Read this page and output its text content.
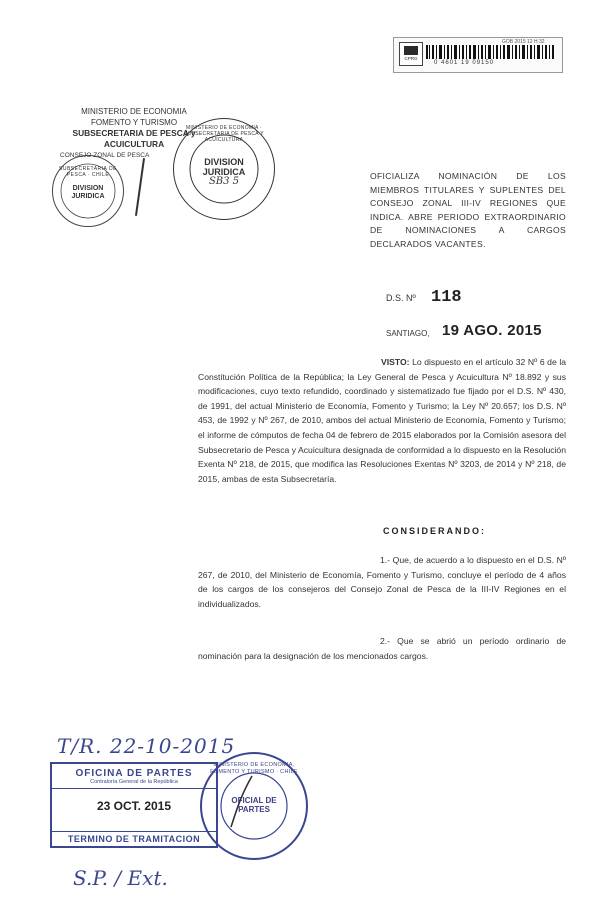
MINISTERIO DE ECONOMIA
FOMENTO Y TURISMO
SUBSECRETARIA DE PESCA y ACUICULTURA
CONSEJO ZONAL DE PESCA
GOB 2015 12 H 32
CPRG
0 4601 19 09150
SUBSECRETARIA DE PESCA · CHILE
DIVISION
JURIDICA
MINISTERIO DE ECONOMIA · SUBSECRETARIA DE PESCA Y ACUICULTURA
DIVISION
JURIDICA
SB3 5	OFICIALIZA NOMINACIÓN DE LOS MIEMBROS TITULARES Y SUPLENTES DEL CONSEJO ZONAL III-IV REGIONES QUE INDICA. ABRE PERIODO EXTRAORDINARIO DE NOMINACIONES A CARGOS DECLARADOS VACANTES.
D.S. Nº 118
SANTIAGO, 19 AGO. 2015
VISTO: Lo dispuesto en el artículo 32 Nº 6 de la Constitución Política de la República; la Ley General de Pesca y Acuicultura Nº 18.892 y sus modificaciones, cuyo texto refundido, coordinado y sistematizado fue fijado por el D.S. Nº 430, de 1991, del actual Ministerio de Economía, Fomento y Turismo; la Ley Nº 20.657; los D.S. Nº 453, de 1992 y Nº 267, de 2010, ambos del actual Ministerio de Economía, Fomento y Turismo; el informe de cómputos de fecha 04 de febrero de 2015 elaborados por la Comisión asesora del Subsecretario de Pesca y Acuicultura designada de conformidad a lo dispuesto en la Resolución Exenta Nº 218, de 2015, que modifica las Resoluciones Exentas Nº 3203, de 2014 y Nº 218, de 2015, ambas de esta Subsecretaría.
CONSIDERANDO:
1.- Que, de acuerdo a lo dispuesto en el D.S. Nº 267, de 2010, del Ministerio de Economía, Fomento y Turismo, concluye el período de 4 años de los cargos de los consejeros del Consejo Zonal de Pesca de la III-IV Regiones en el individualizados.
2.- Que se abrió un período ordinario de nominación para la designación de los mencionados cargos.
T/R. 22-10-2015
OFICINA DE PARTES
Contraloría General de la República
23 OCT. 2015
TERMINO DE TRAMITACION
MINISTERIO DE ECONOMIA, FOMENTO Y TURISMO · CHILE
OFICIAL DE PARTES
S.P. / Ext.
